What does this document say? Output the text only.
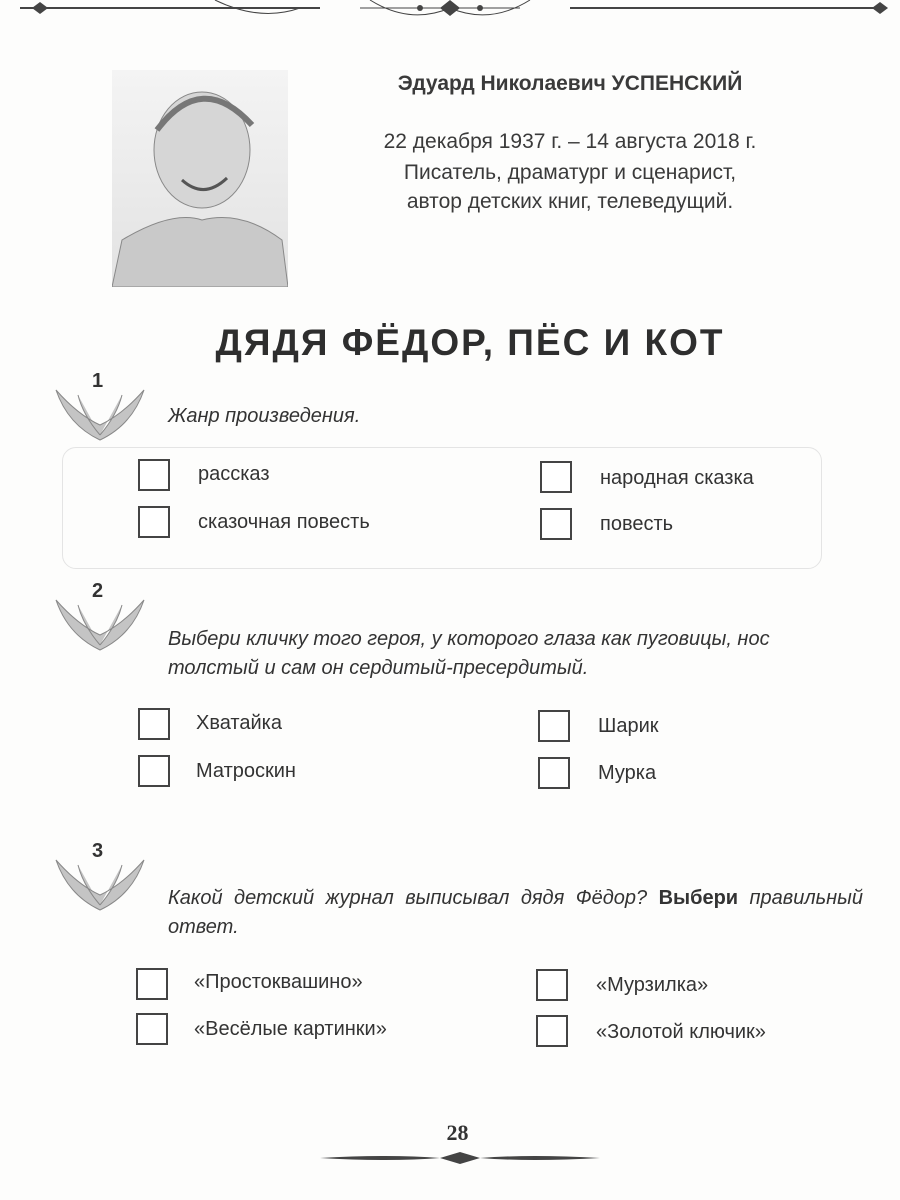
Эдуард Николаевич УСПЕНСКИЙ
22 декабря 1937 г. – 14 августа 2018 г.
Писатель, драматург и сценарист,
автор детских книг, телеведущий.
ДЯДЯ ФЁДОР, ПЁС И КОТ
1
Жанр произведения.
рассказ
сказочная повесть
народная сказка
повесть
2
Выбери кличку того героя, у которого глаза как пуговицы, нос толстый и сам он сердитый-пресердитый.
Хватайка
Матроскин
Шарик
Мурка
3
Какой детский журнал выписывал дядя Фёдор? Выбери правильный ответ.
«Простоквашино»
«Весёлые картинки»
«Мурзилка»
«Золотой ключик»
28
